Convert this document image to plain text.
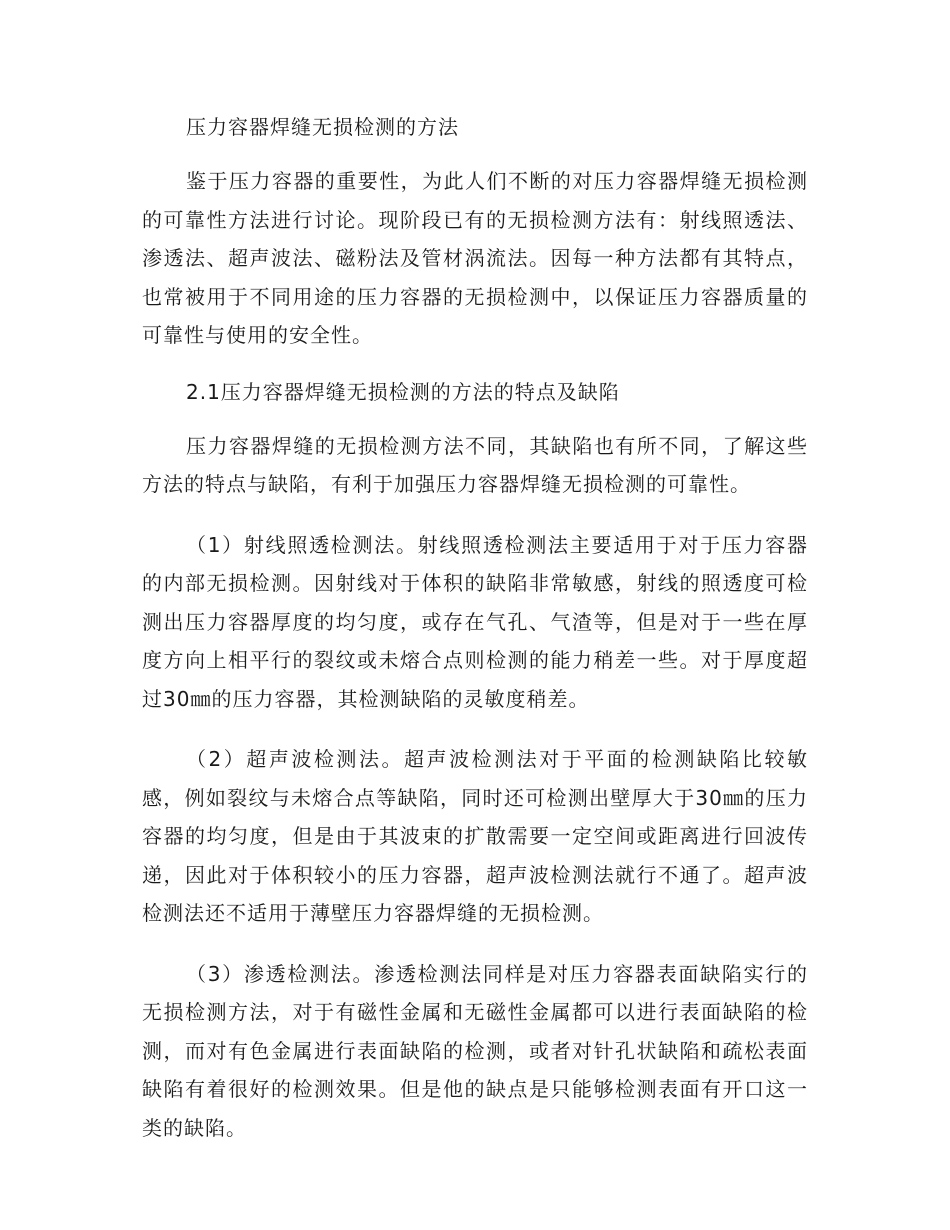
压力容器焊缝无损检测的方法

鉴于压力容器的重要性，为此人们不断的对压力容器焊缝无损检测的可靠性方法进行讨论。现阶段已有的无损检测方法有：射线照透法、渗透法、超声波法、磁粉法及管材涡流法。因每一种方法都有其特点，也常被用于不同用途的压力容器的无损检测中，以保证压力容器质量的可靠性与使用的安全性。

2.1压力容器焊缝无损检测的方法的特点及缺陷

压力容器焊缝的无损检测方法不同，其缺陷也有所不同，了解这些方法的特点与缺陷，有利于加强压力容器焊缝无损检测的可靠性。

（1）射线照透检测法。射线照透检测法主要适用于对于压力容器的内部无损检测。因射线对于体积的缺陷非常敏感，射线的照透度可检测出压力容器厚度的均匀度，或存在气孔、气渣等，但是对于一些在厚度方向上相平行的裂纹或未熔合点则检测的能力稍差一些。对于厚度超过30㎜的压力容器，其检测缺陷的灵敏度稍差。

（2）超声波检测法。超声波检测法对于平面的检测缺陷比较敏感，例如裂纹与未熔合点等缺陷，同时还可检测出壁厚大于30㎜的压力容器的均匀度，但是由于其波束的扩散需要一定空间或距离进行回波传递，因此对于体积较小的压力容器，超声波检测法就行不通了。超声波检测法还不适用于薄壁压力容器焊缝的无损检测。

（3）渗透检测法。渗透检测法同样是对压力容器表面缺陷实行的无损检测方法，对于有磁性金属和无磁性金属都可以进行表面缺陷的检测，而对有色金属进行表面缺陷的检测，或者对针孔状缺陷和疏松表面缺陷有着很好的检测效果。但是他的缺点是只能够检测表面有开口这一类的缺陷。
